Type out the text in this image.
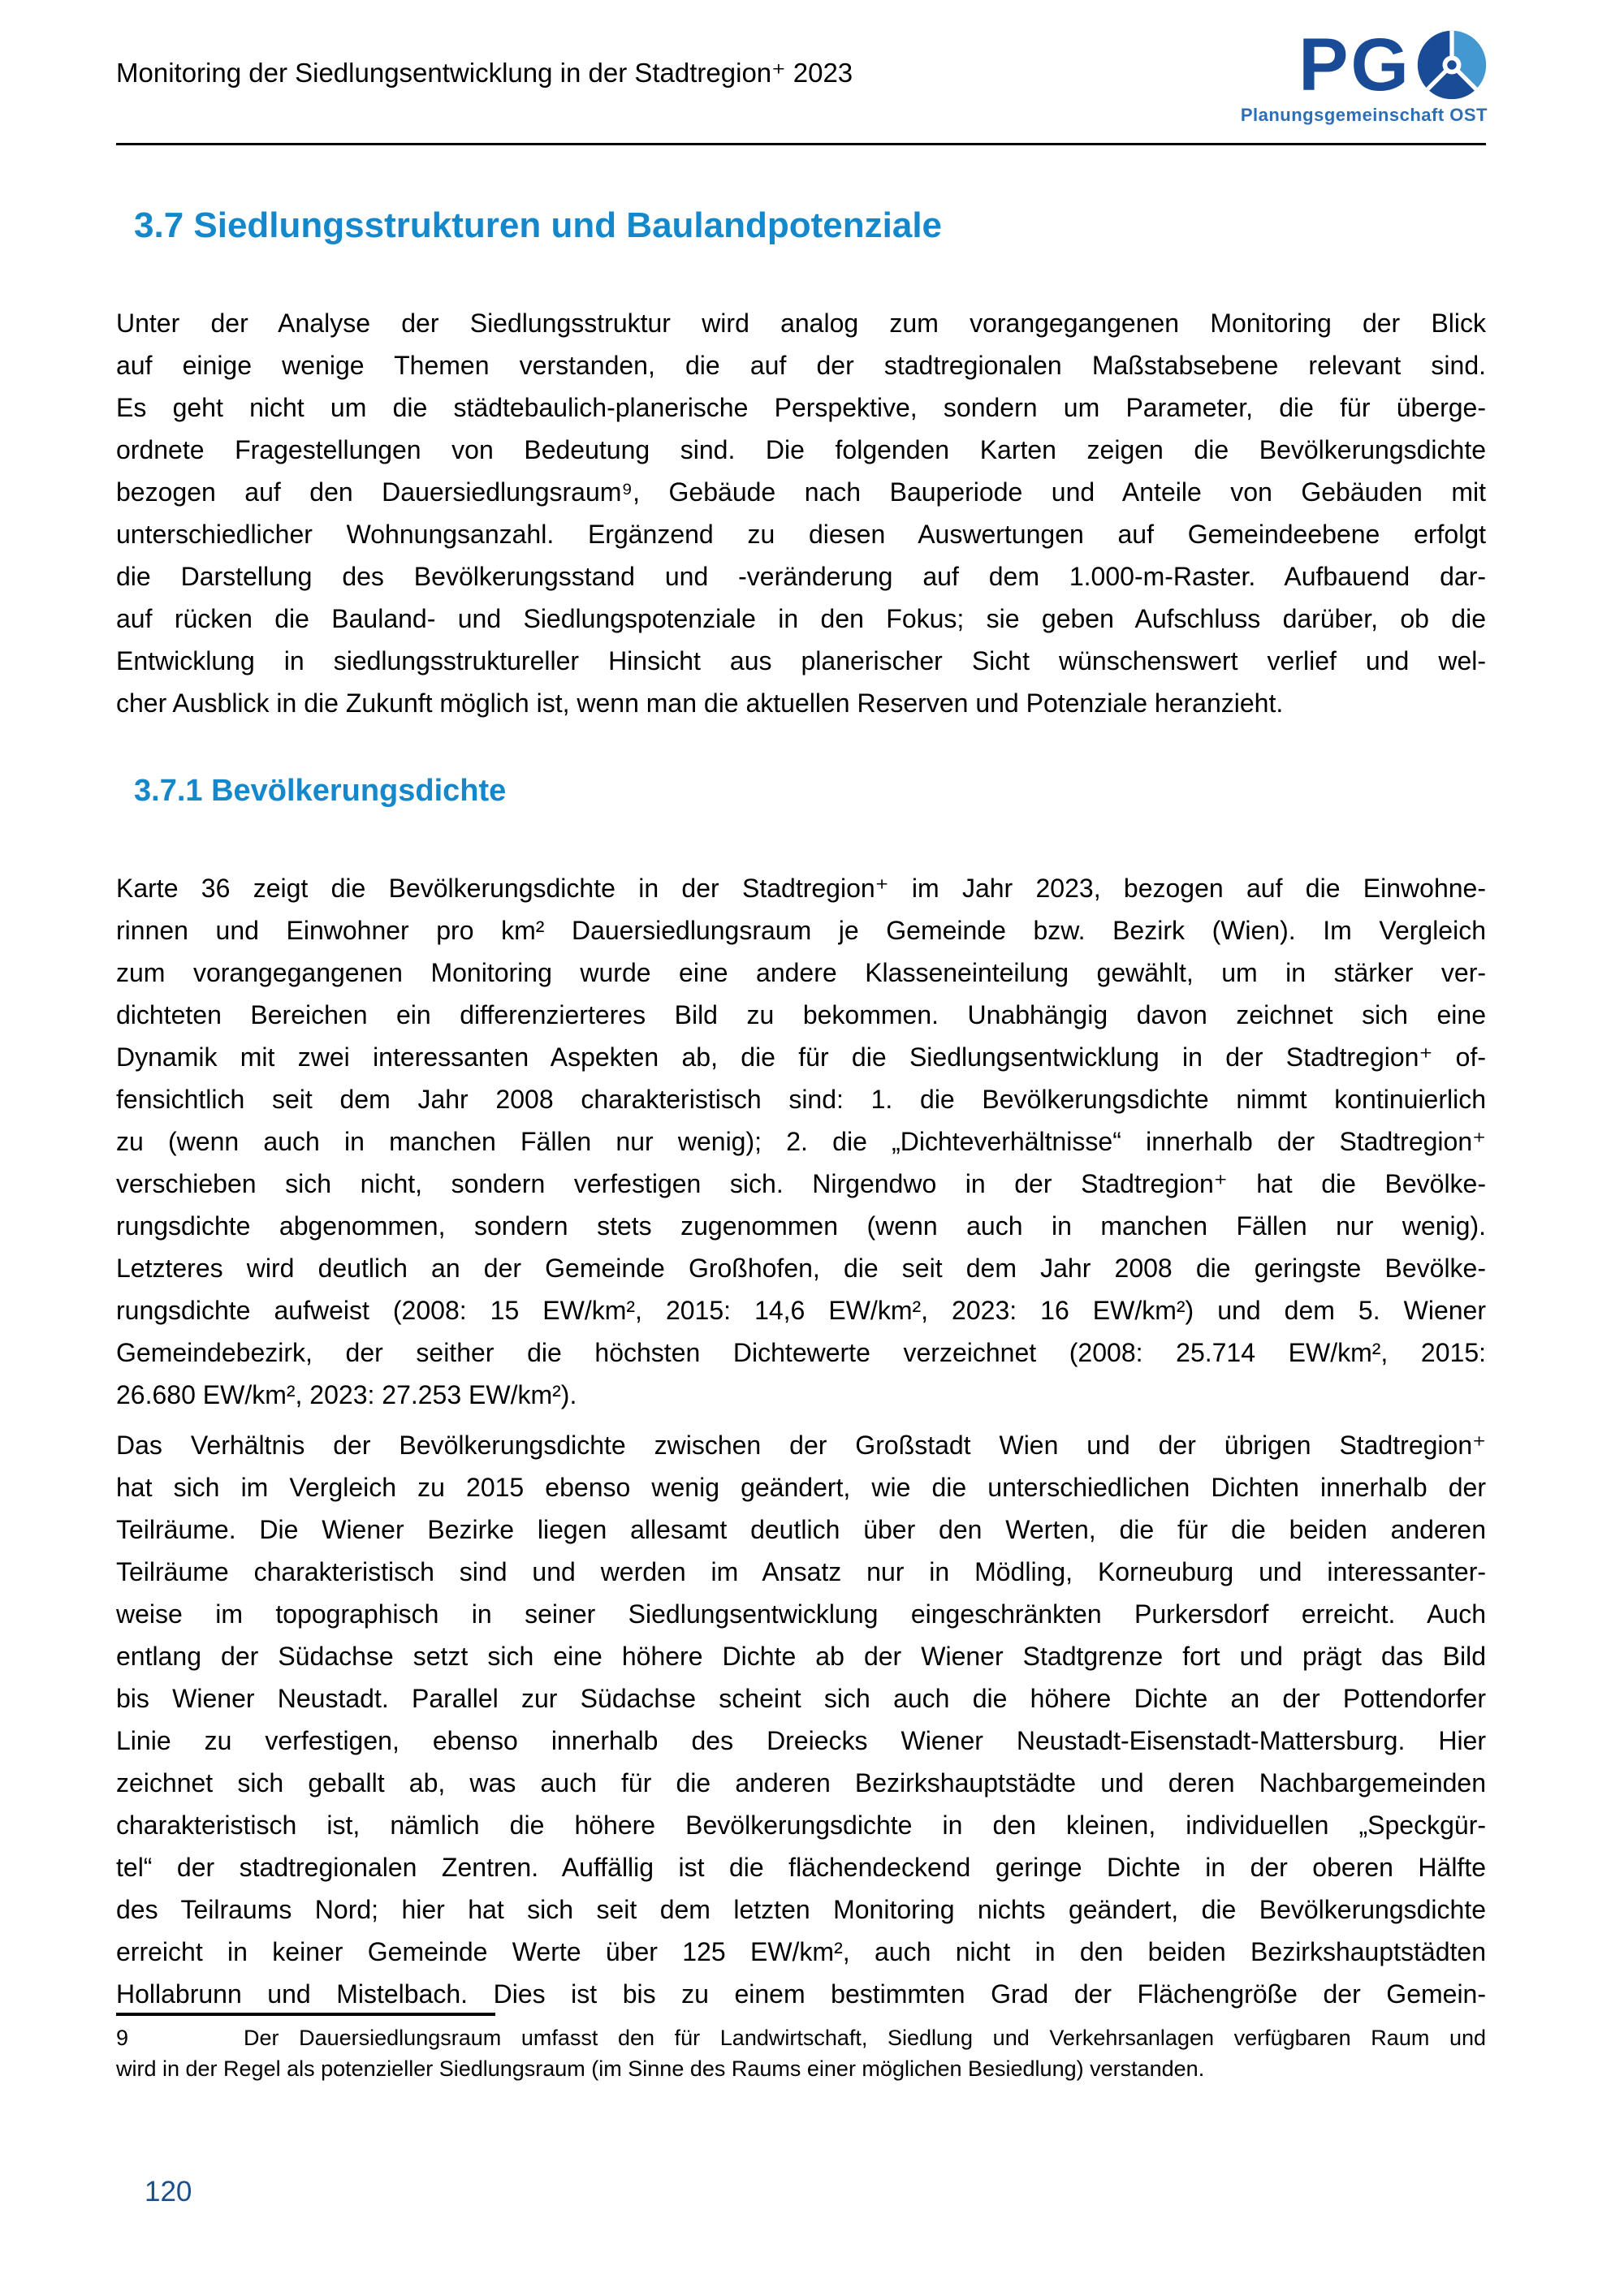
Monitoring der Siedlungsentwicklung in der Stadtregion⁺ 2023	PG
Planungsgemeinschaft OST
3.7 Siedlungsstrukturen und Baulandpotenziale
Unter der Analyse der Siedlungsstruktur wird analog zum vorangegangenen Monitoring der Blick
auf einige wenige Themen verstanden, die auf der stadtregionalen Maßstabsebene relevant sind.
Es geht nicht um die städtebaulich-planerische Perspektive, sondern um Parameter, die für überge-
ordnete Fragestellungen von Bedeutung sind. Die folgenden Karten zeigen die Bevölkerungsdichte
bezogen auf den Dauersiedlungsraum⁹, Gebäude nach Bauperiode und Anteile von Gebäuden mit
unterschiedlicher Wohnungsanzahl. Ergänzend zu diesen Auswertungen auf Gemeindeebene erfolgt
die Darstellung des Bevölkerungsstand und -veränderung auf dem 1.000-m-Raster. Aufbauend dar-
auf rücken die Bauland- und Siedlungspotenziale in den Fokus; sie geben Aufschluss darüber, ob die
Entwicklung in siedlungsstruktureller Hinsicht aus planerischer Sicht wünschenswert verlief und wel-
cher Ausblick in die Zukunft möglich ist, wenn man die aktuellen Reserven und Potenziale heranzieht.
3.7.1 Bevölkerungsdichte
Karte 36 zeigt die Bevölkerungsdichte in der Stadtregion⁺ im Jahr 2023, bezogen auf die Einwohne-
rinnen und Einwohner pro km² Dauersiedlungsraum je Gemeinde bzw. Bezirk (Wien). Im Vergleich
zum vorangegangenen Monitoring wurde eine andere Klasseneinteilung gewählt, um in stärker ver-
dichteten Bereichen ein differenzierteres Bild zu bekommen. Unabhängig davon zeichnet sich eine
Dynamik mit zwei interessanten Aspekten ab, die für die Siedlungsentwicklung in der Stadtregion⁺ of-
fensichtlich seit dem Jahr 2008 charakteristisch sind: 1. die Bevölkerungsdichte nimmt kontinuierlich
zu (wenn auch in manchen Fällen nur wenig); 2. die „Dichteverhältnisse“ innerhalb der Stadtregion⁺
verschieben sich nicht, sondern verfestigen sich. Nirgendwo in der Stadtregion⁺ hat die Bevölke-
rungsdichte abgenommen, sondern stets zugenommen (wenn auch in manchen Fällen nur wenig).
Letzteres wird deutlich an der Gemeinde Großhofen, die seit dem Jahr 2008 die geringste Bevölke-
rungsdichte aufweist (2008: 15 EW/km², 2015: 14,6 EW/km², 2023: 16 EW/km²) und dem 5. Wiener
Gemeindebezirk, der seither die höchsten Dichtewerte verzeichnet (2008: 25.714 EW/km², 2015:
26.680 EW/km², 2023: 27.253 EW/km²).
Das Verhältnis der Bevölkerungsdichte zwischen der Großstadt Wien und der übrigen Stadtregion⁺
hat sich im Vergleich zu 2015 ebenso wenig geändert, wie die unterschiedlichen Dichten innerhalb der
Teilräume. Die Wiener Bezirke liegen allesamt deutlich über den Werten, die für die beiden anderen
Teilräume charakteristisch sind und werden im Ansatz nur in Mödling, Korneuburg und interessanter-
weise im topographisch in seiner Siedlungsentwicklung eingeschränkten Purkersdorf erreicht. Auch
entlang der Südachse setzt sich eine höhere Dichte ab der Wiener Stadtgrenze fort und prägt das Bild
bis Wiener Neustadt. Parallel zur Südachse scheint sich auch die höhere Dichte an der Pottendorfer
Linie zu verfestigen, ebenso innerhalb des Dreiecks Wiener Neustadt-Eisenstadt-Mattersburg. Hier
zeichnet sich geballt ab, was auch für die anderen Bezirkshauptstädte und deren Nachbargemeinden
charakteristisch ist, nämlich die höhere Bevölkerungsdichte in den kleinen, individuellen „Speckgür-
tel“ der stadtregionalen Zentren. Auffällig ist die flächendeckend geringe Dichte in der oberen Hälfte
des Teilraums Nord; hier hat sich seit dem letzten Monitoring nichts geändert, die Bevölkerungsdichte
erreicht in keiner Gemeinde Werte über 125 EW/km², auch nicht in den beiden Bezirkshauptstädten
Hollabrunn und Mistelbach. Dies ist bis zu einem bestimmten Grad der Flächengröße der Gemein-
9	Der Dauersiedlungsraum umfasst den für Landwirtschaft, Siedlung und Verkehrsanlagen verfügbaren Raum und
wird in der Regel als potenzieller Siedlungsraum (im Sinne des Raums einer möglichen Besiedlung) verstanden.
120
